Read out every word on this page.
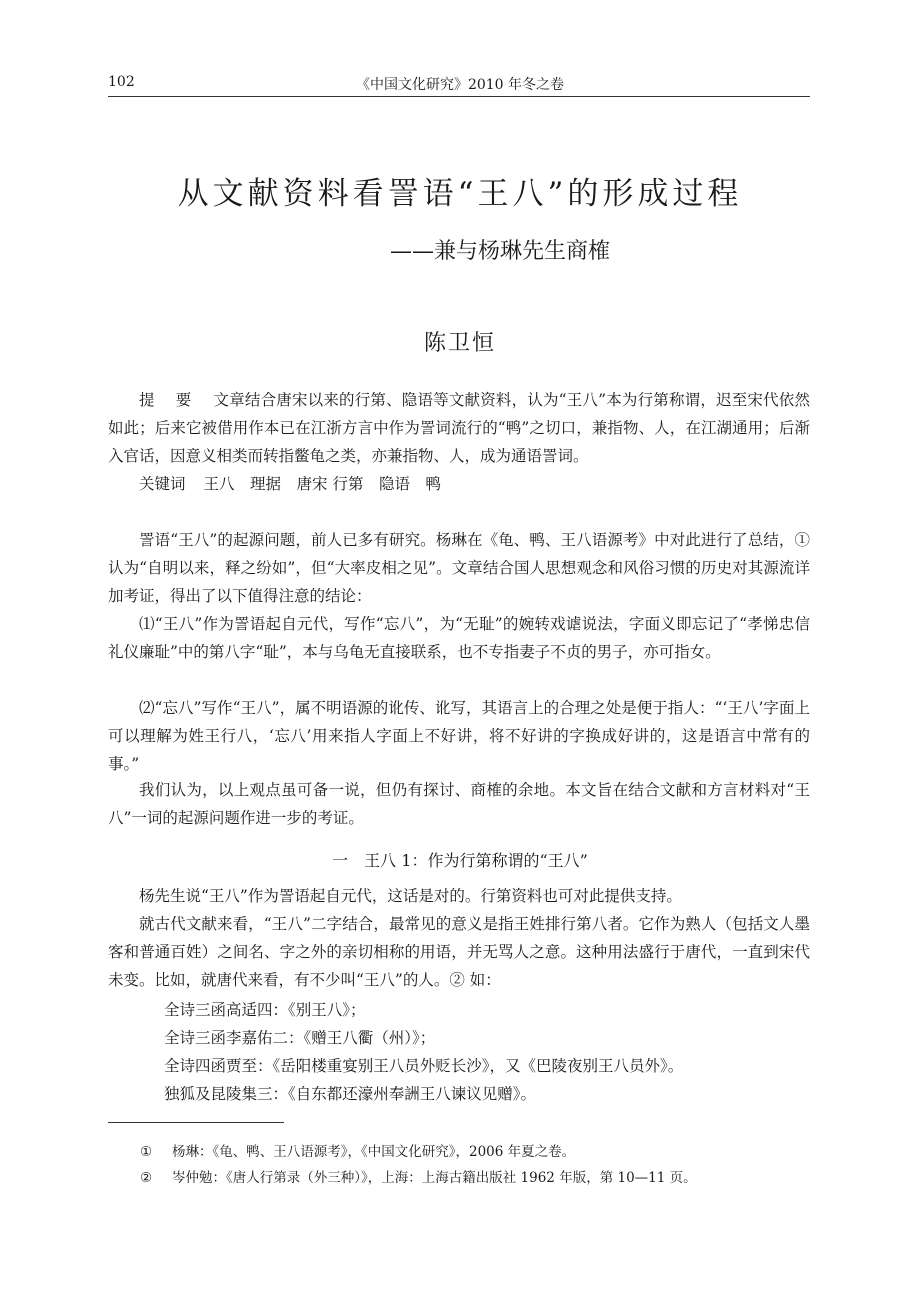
102	《中国文化研究》2010 年冬之卷
从文献资料看詈语“王八”的形成过程
——兼与杨琳先生商榷
陈卫恒
提 要 文章结合唐宋以来的行第、隐语等文献资料，认为“王八”本为行第称谓，迟至宋代依然如此；后来它被借用作本已在江浙方言中作为詈词流行的“鸭”之切口，兼指物、人，在江湖通用；后渐入官话，因意义相类而转指鳖龟之类，亦兼指物、人，成为通语詈词。
关键词 王八　理据　唐宋 行第　隐语　鸭
詈语“王八”的起源问题，前人已多有研究。杨琳在《龟、鸭、王八语源考》中对此进行了总结，①认为“自明以来，释之纷如”，但“大率皮相之见”。文章结合国人思想观念和风俗习惯的历史对其源流详加考证，得出了以下值得注意的结论：
⑴“王八”作为詈语起自元代，写作“忘八”，为“无耻”的婉转戏谑说法，字面义即忘记了“孝悌忠信礼仪廉耻”中的第八字“耻”，本与乌龟无直接联系，也不专指妻子不贞的男子，亦可指女。
⑵“忘八”写作“王八”，属不明语源的讹传、讹写，其语言上的合理之处是便于指人：“‘王八’字面上可以理解为姓王行八，‘忘八’用来指人字面上不好讲，将不好讲的字换成好讲的，这是语言中常有的事。”
我们认为，以上观点虽可备一说，但仍有探讨、商榷的余地。本文旨在结合文献和方言材料对“王八”一词的起源问题作进一步的考证。
一　王八 1：作为行第称谓的“王八”
杨先生说“王八”作为詈语起自元代，这话是对的。行第资料也可对此提供支持。
就古代文献来看，“王八”二字结合，最常见的意义是指王姓排行第八者。它作为熟人（包括文人墨客和普通百姓）之间名、字之外的亲切相称的用语，并无骂人之意。这种用法盛行于唐代，一直到宋代未变。比如，就唐代来看，有不少叫“王八”的人。② 如：
全诗三函高适四：《别王八》；
全诗三函李嘉佑二：《赠王八衢（州）》；
全诗四函贾至：《岳阳楼重宴别王八员外贬长沙》，又《巴陵夜别王八员外》。
独狐及昆陵集三：《自东都还濠州奉詶王八谏议见赠》。
① 杨琳：《龟、鸭、王八语源考》，《中国文化研究》，2006 年夏之卷。
② 岑仲勉：《唐人行第录（外三种）》，上海：上海古籍出版社 1962 年版，第 10—11 页。
